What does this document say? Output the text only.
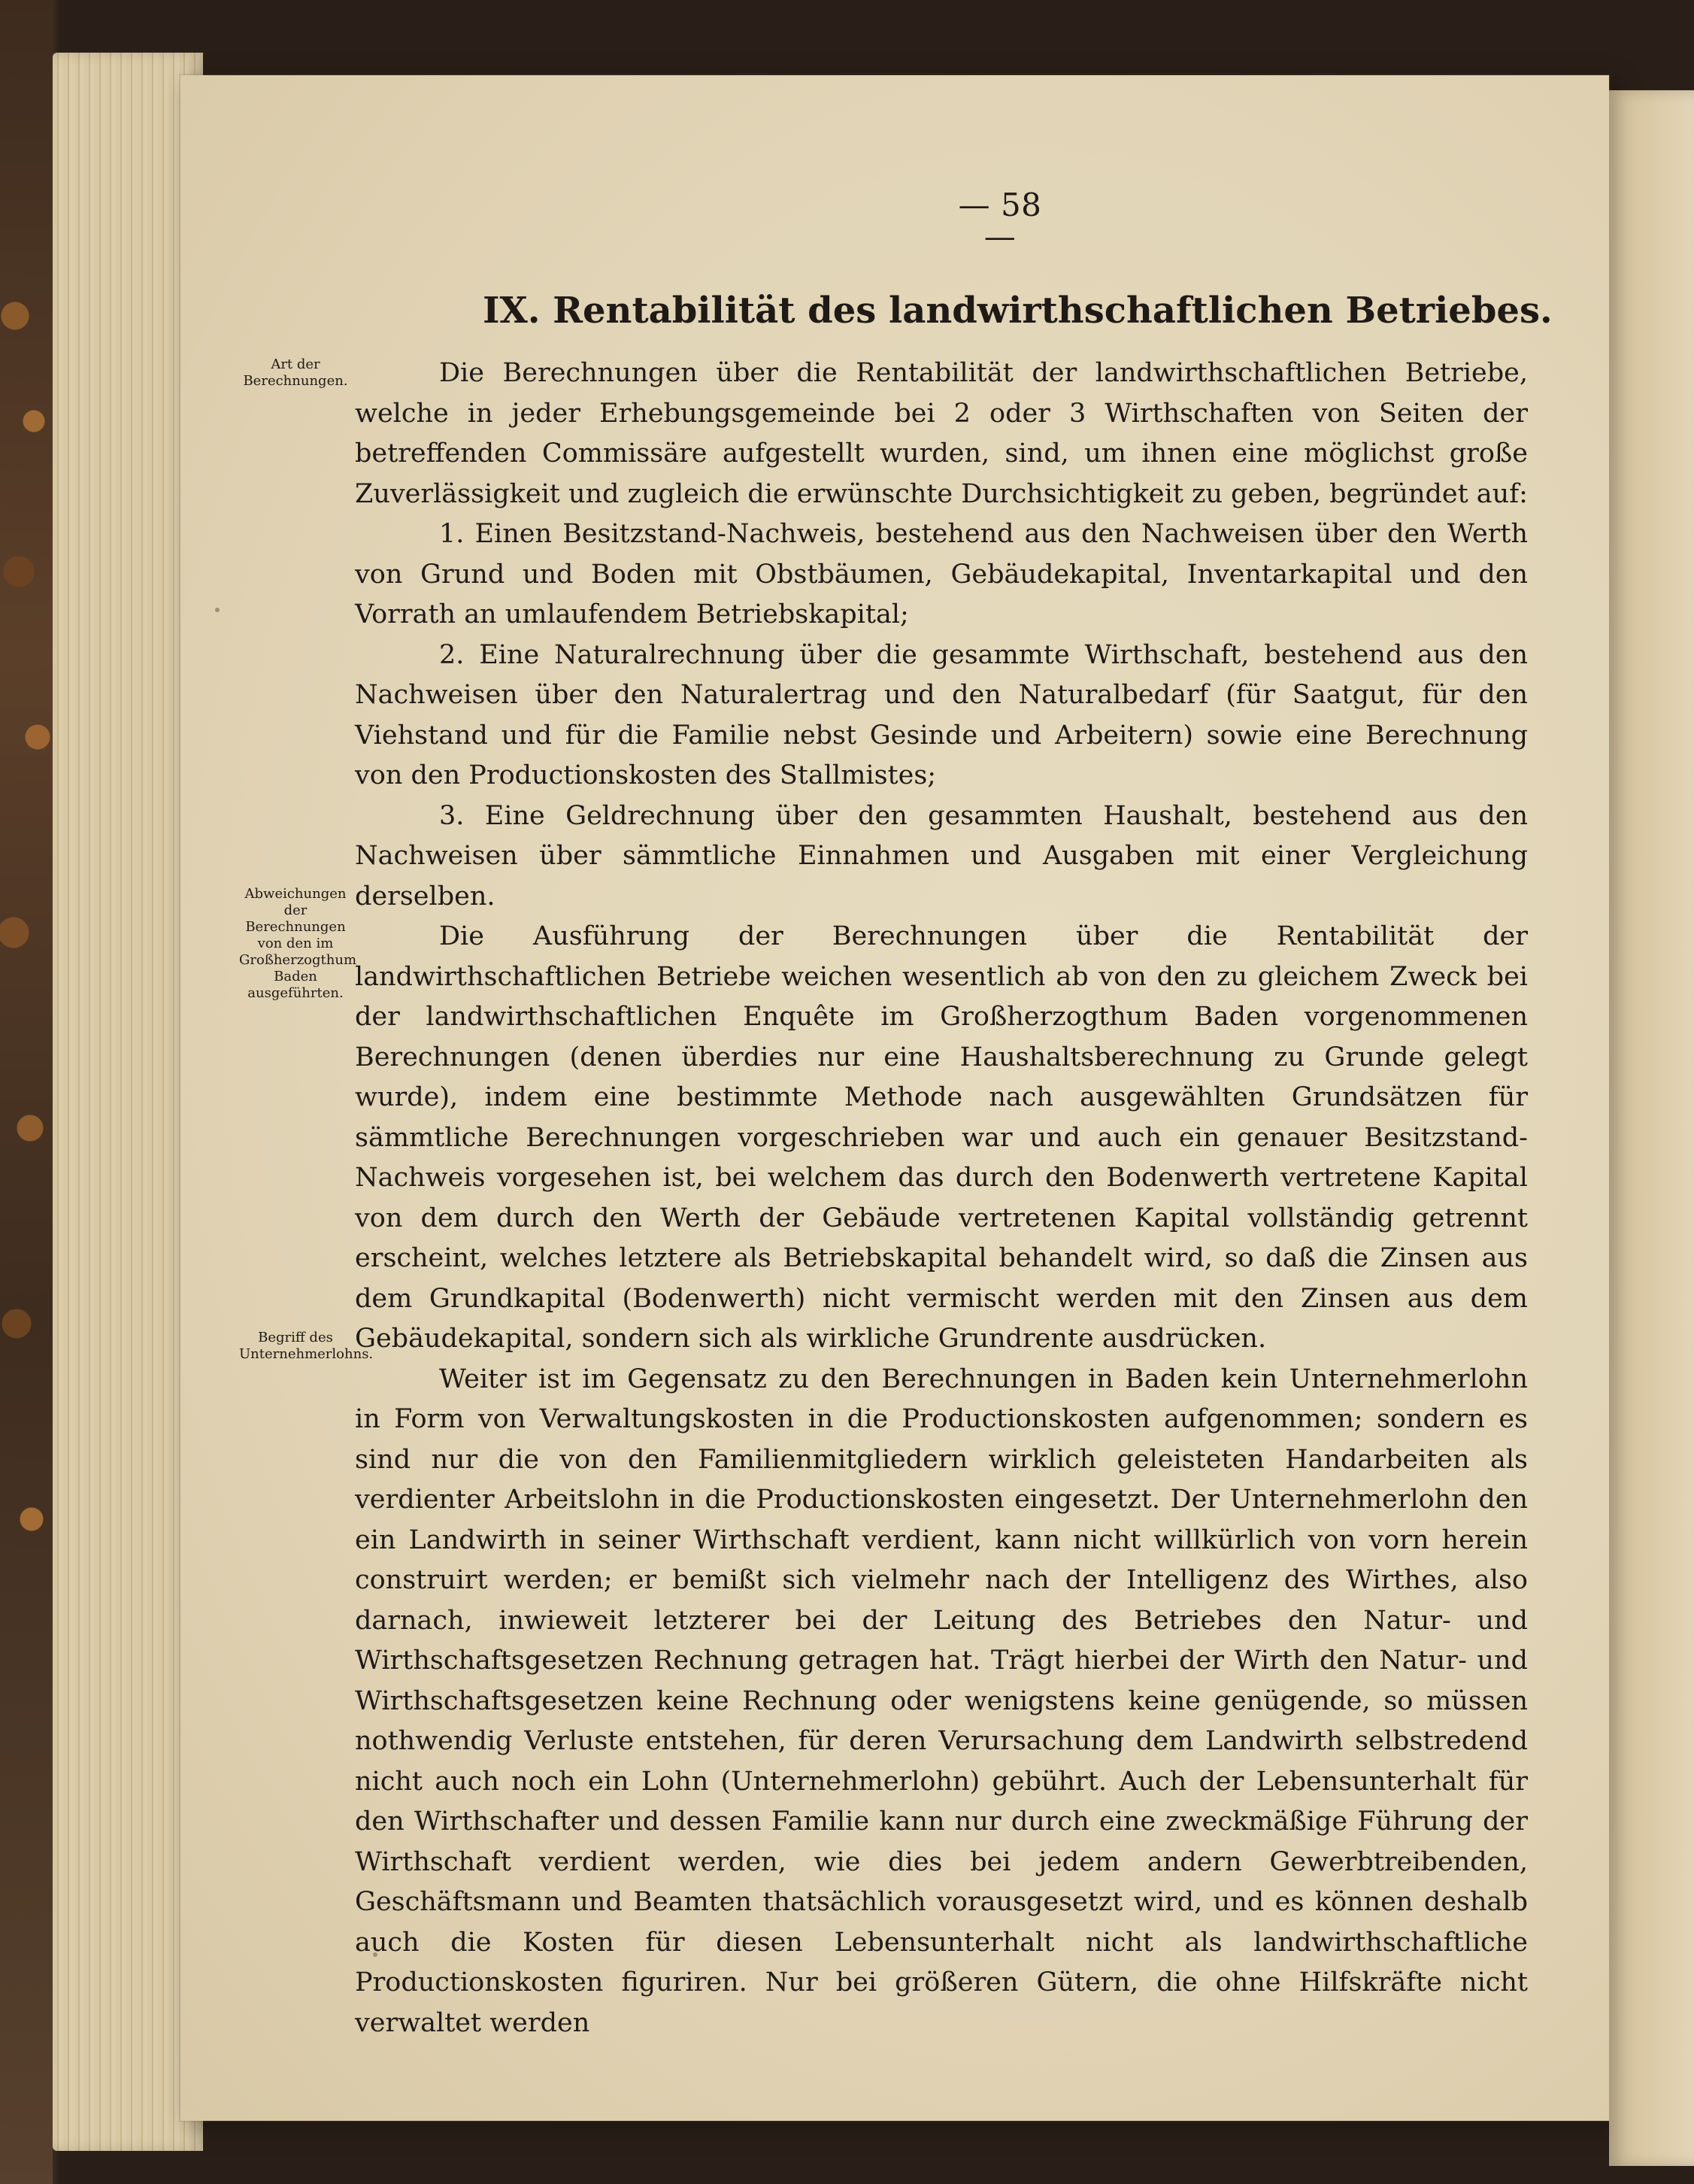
— 58 —
IX. Rentabilität des landwirthschaftlichen Betriebes.
Art der Berechnungen.
Abweichungen der Berechnungen von den im Großherzogthum Baden ausgeführten.
Begriff des Unternehmerlohns.

Die Berechnungen über die Rentabilität der landwirthschaftlichen Betriebe, welche in jeder Erhebungsgemeinde bei 2 oder 3 Wirthschaften von Seiten der betreffenden Commissäre aufgestellt wurden, sind, um ihnen eine möglichst große Zuverlässigkeit und zugleich die erwünschte Durchsichtigkeit zu geben, begründet auf:

1. Einen Besitzstand-Nachweis, bestehend aus den Nachweisen über den Werth von Grund und Boden mit Obstbäumen, Gebäudekapital, Inventarkapital und den Vorrath an umlaufendem Betriebskapital;

2. Eine Naturalrechnung über die gesammte Wirthschaft, bestehend aus den Nachweisen über den Naturalertrag und den Naturalbedarf (für Saatgut, für den Viehstand und für die Familie nebst Gesinde und Arbeitern) sowie eine Berechnung von den Productionskosten des Stallmistes;

3. Eine Geldrechnung über den gesammten Haushalt, bestehend aus den Nachweisen über sämmtliche Einnahmen und Ausgaben mit einer Vergleichung derselben.

Die Ausführung der Berechnungen über die Rentabilität der landwirthschaftlichen Betriebe weichen wesentlich ab von den zu gleichem Zweck bei der landwirthschaftlichen Enquête im Großherzogthum Baden vorgenommenen Berechnungen (denen überdies nur eine Haushaltsberechnung zu Grunde gelegt wurde), indem eine bestimmte Methode nach ausgewählten Grundsätzen für sämmtliche Berechnungen vorgeschrieben war und auch ein genauer Besitzstand-Nachweis vorgesehen ist, bei welchem das durch den Bodenwerth vertretene Kapital von dem durch den Werth der Gebäude vertretenen Kapital vollständig getrennt erscheint, welches letztere als Betriebskapital behandelt wird, so daß die Zinsen aus dem Grundkapital (Bodenwerth) nicht vermischt werden mit den Zinsen aus dem Gebäudekapital, sondern sich als wirkliche Grundrente ausdrücken.

Weiter ist im Gegensatz zu den Berechnungen in Baden kein Unternehmerlohn in Form von Verwaltungskosten in die Productionskosten aufgenommen; sondern es sind nur die von den Familienmitgliedern wirklich geleisteten Handarbeiten als verdienter Arbeitslohn in die Productionskosten eingesetzt. Der Unternehmerlohn den ein Landwirth in seiner Wirthschaft verdient, kann nicht willkürlich von vorn herein construirt werden; er bemißt sich vielmehr nach der Intelligenz des Wirthes, also darnach, inwieweit letzterer bei der Leitung des Betriebes den Natur- und Wirthschaftsgesetzen Rechnung getragen hat. Trägt hierbei der Wirth den Natur- und Wirthschaftsgesetzen keine Rechnung oder wenigstens keine genügende, so müssen nothwendig Verluste entstehen, für deren Verursachung dem Landwirth selbstredend nicht auch noch ein Lohn (Unternehmerlohn) gebührt. Auch der Lebensunterhalt für den Wirthschafter und dessen Familie kann nur durch eine zweckmäßige Führung der Wirthschaft verdient werden, wie dies bei jedem andern Gewerbtreibenden, Geschäftsmann und Beamten thatsächlich vorausgesetzt wird, und es können deshalb auch die Kosten für diesen Lebensunterhalt nicht als landwirthschaftliche Productionskosten figuriren. Nur bei größeren Gütern, die ohne Hilfskräfte nicht verwaltet werden
